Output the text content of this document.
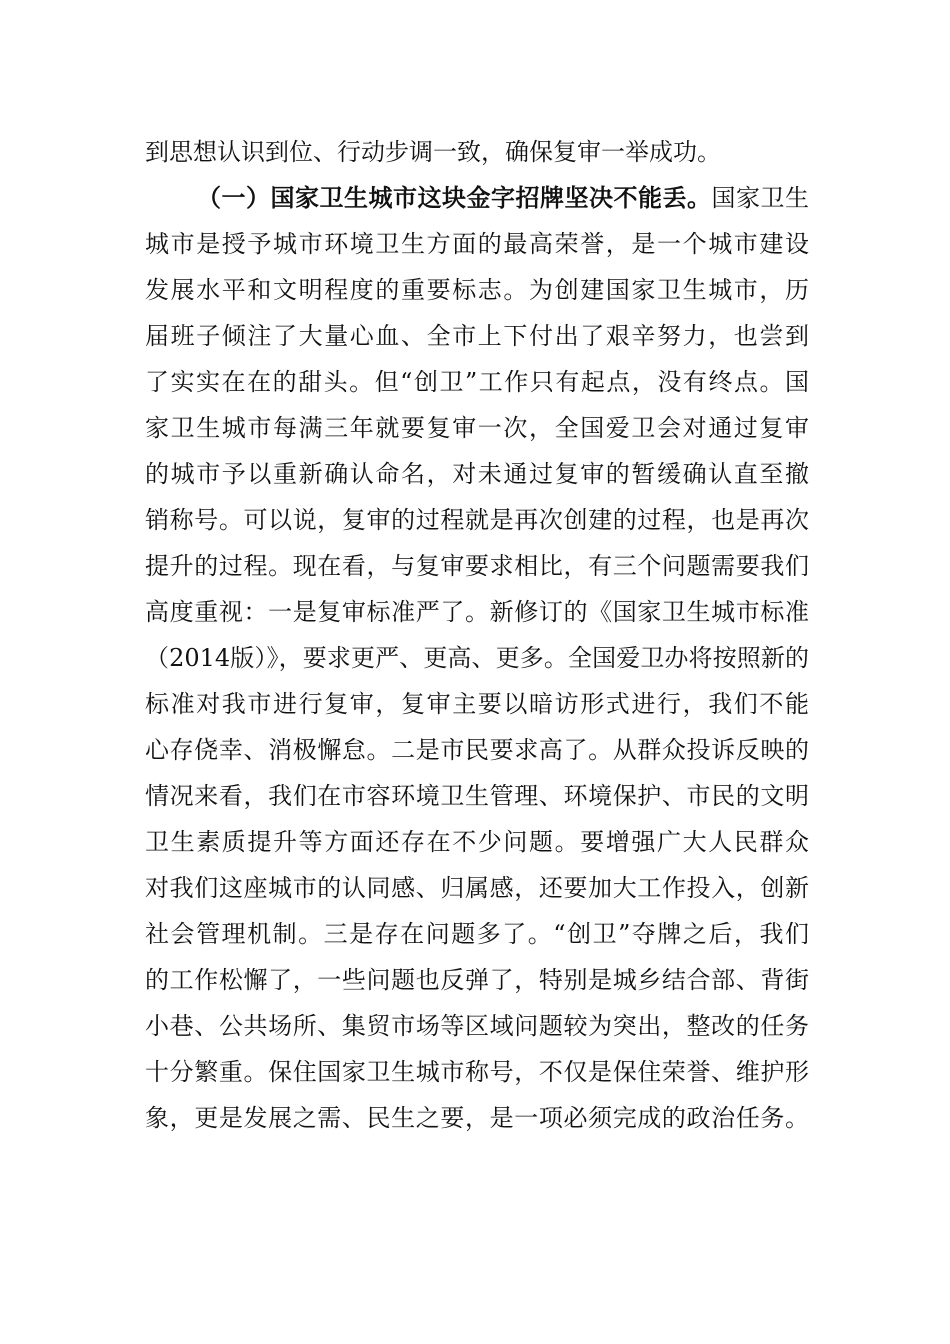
到思想认识到位、行动步调一致，确保复审一举成功。
（一）国家卫生城市这块金字招牌坚决不能丢。国家卫生
城市是授予城市环境卫生方面的最高荣誉，是一个城市建设
发展水平和文明程度的重要标志。为创建国家卫生城市，历
届班子倾注了大量心血、全市上下付出了艰辛努力，也尝到
了实实在在的甜头。但“创卫”工作只有起点，没有终点。国
家卫生城市每满三年就要复审一次，全国爱卫会对通过复审
的城市予以重新确认命名，对未通过复审的暂缓确认直至撤
销称号。可以说，复审的过程就是再次创建的过程，也是再次
提升的过程。现在看，与复审要求相比，有三个问题需要我们
高度重视：一是复审标准严了。新修订的《国家卫生城市标准
（2014版）》，要求更严、更高、更多。全国爱卫办将按照新的
标准对我市进行复审，复审主要以暗访形式进行，我们不能
心存侥幸、消极懈怠。二是市民要求高了。从群众投诉反映的
情况来看，我们在市容环境卫生管理、环境保护、市民的文明
卫生素质提升等方面还存在不少问题。要增强广大人民群众
对我们这座城市的认同感、归属感，还要加大工作投入，创新
社会管理机制。三是存在问题多了。“创卫”夺牌之后，我们
的工作松懈了，一些问题也反弹了，特别是城乡结合部、背街
小巷、公共场所、集贸市场等区域问题较为突出，整改的任务
十分繁重。保住国家卫生城市称号，不仅是保住荣誉、维护形
象，更是发展之需、民生之要，是一项必须完成的政治任务。
